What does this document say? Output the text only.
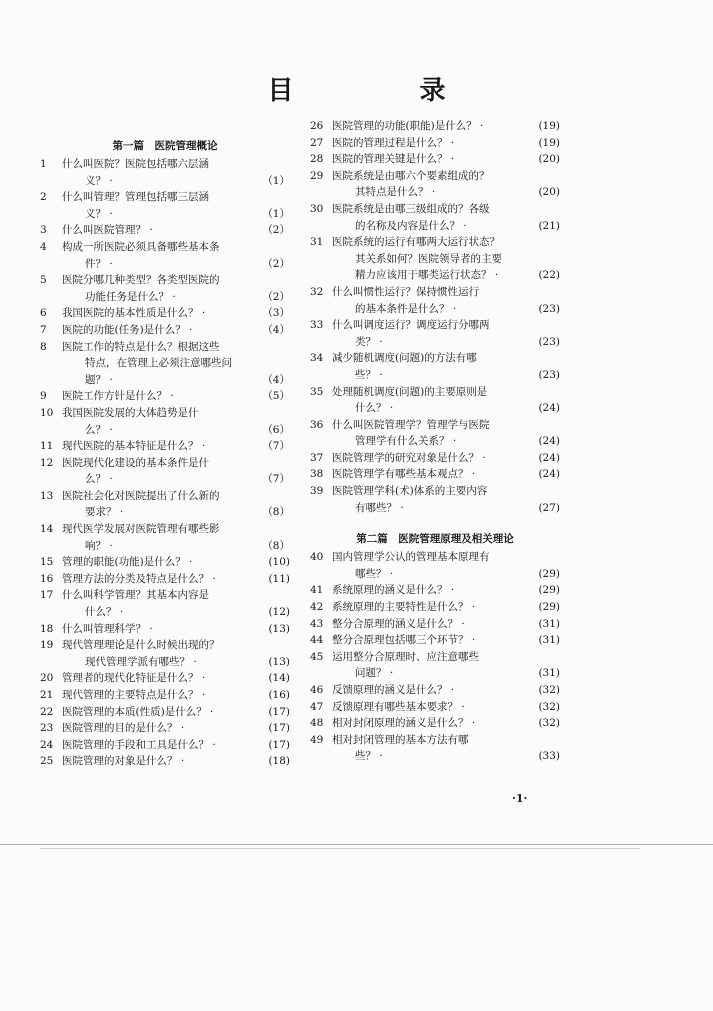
目　录
第一篇　医院管理概论
1	什么叫医院？医院包括哪六层涵
义？ ·	（1）
2	什么叫管理？管理包括哪三层涵
义？ ·	（1）
3	什么叫医院管理？ ·	（2）
4	构成一所医院必须具备哪些基本条
件？ ·	（2）
5	医院分哪几种类型？各类型医院的
功能任务是什么？ ·	（2）
6	我国医院的基本性质是什么？ ·	（3）
7	医院的功能(任务)是什么？ ·	（4）
8	医院工作的特点是什么？根据这些
特点，在管理上必须注意哪些问
题？ ·	（4）
9	医院工作方针是什么？ ·	（5）
10 我国医院发展的大体趋势是什
么？ ·	（6）
11 现代医院的基本特征是什么？ ·	（7）
12 医院现代化建设的基本条件是什
么？ ·	（7）
13 医院社会化对医院提出了什么新的
要求？ ·	（8）
14 现代医学发展对医院管理有哪些影
响？ ·	（8）
15 管理的职能(功能)是什么？ ·	(10)
16 管理方法的分类及特点是什么？ ·	(11)
17 什么叫科学管理？其基本内容是
什么？ ·	(12)
18 什么叫管理科学？ ·	(13)
19 现代管理理论是什么时候出现的？
现代管理学派有哪些？ ·	(13)
20 管理者的现代化特征是什么？ ·	(14)
21 现代管理的主要特点是什么？ ·	(16)
22 医院管理的本质(性质)是什么？ ·	(17)
23 医院管理的目的是什么？ ·	(17)
24 医院管理的手段和工具是什么？ ·	(17)
25 医院管理的对象是什么？ ·	(18)
26 医院管理的功能(职能)是什么？ ·	(19)
27 医院的管理过程是什么？ ·	(19)
28 医院的管理关键是什么？ ·	(20)
29 医院系统是由哪六个要素组成的？
其特点是什么？ ·	(20)
30 医院系统是由哪三级组成的？各级
的名称及内容是什么？ ·	(21)
31 医院系统的运行有哪两大运行状态？
其关系如何？医院领导者的主要
精力应该用于哪类运行状态？ ·	(22)
32 什么叫惯性运行？保持惯性运行
的基本条件是什么？ ·	(23)
33 什么叫调度运行？调度运行分哪两
类？ ·	(23)
34 减少随机调度(问题)的方法有哪
些？ ·	(23)
35 处理随机调度(问题)的主要原则是
什么？ ·	(24)
36 什么叫医院管理学？管理学与医院
管理学有什么关系？ ·	(24)
37 医院管理学的研究对象是什么？ ·	(24)
38 医院管理学有哪些基本观点？ ·	(24)
39 医院管理学科(术)体系的主要内容
有哪些？ ·	(27)
第二篇　医院管理原理及相关理论
40 国内管理学公认的管理基本原理有
哪些？ ·	(29)
41 系统原理的涵义是什么？ ·	(29)
42 系统原理的主要特性是什么？ ·	(29)
43 整分合原理的涵义是什么？ ·	(31)
44 整分合原理包括哪三个环节？ ·	(31)
45 运用整分合原理时、应注意哪些
问题？ ·	(31)
46 反馈原理的涵义是什么？ ·	(32)
47 反馈原理有哪些基本要求？ ·	(32)
48 相对封闭原理的涵义是什么？ ·	(32)
49 相对封闭管理的基本方法有哪
些？ ·	(33)
·1·
